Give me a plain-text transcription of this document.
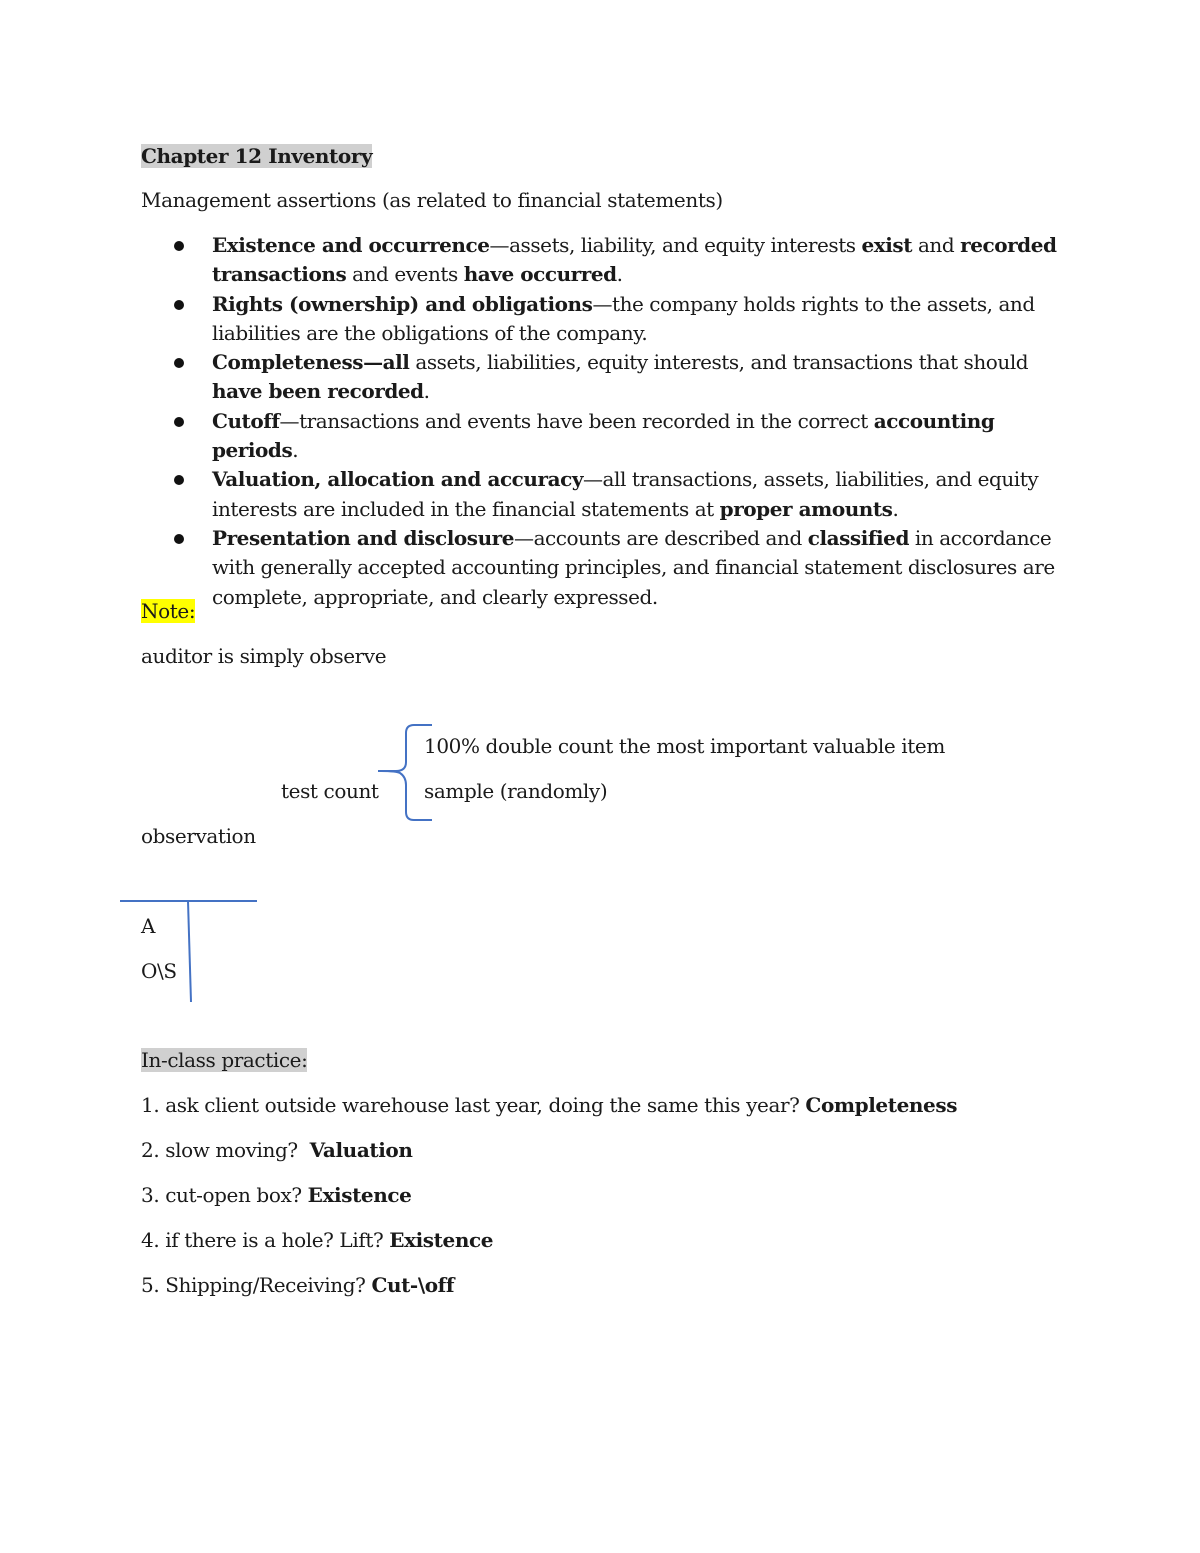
Chapter 12 Inventory
Management assertions (as related to financial statements)
Existence and occurrence—assets, liability, and equity interests exist and recorded transactions and events have occurred.
Rights (ownership) and obligations—the company holds rights to the assets, and liabilities are the obligations of the company.
Completeness—all assets, liabilities, equity interests, and transactions that should have been recorded.
Cutoff—transactions and events have been recorded in the correct accounting periods.
Valuation, allocation and accuracy—all transactions, assets, liabilities, and equity interests are included in the financial statements at proper amounts.
Presentation and disclosure—accounts are described and classified in accordance with generally accepted accounting principles, and financial statement disclosures are complete, appropriate, and clearly expressed.
Note:
auditor is simply observe
100% double count the most important valuable item
test count sample (randomly)
observation
A
O\S
In-class practice:
1. ask client outside warehouse last year, doing the same this year? Completeness
2. slow moving?  Valuation
3. cut-open box? Existence
4. if there is a hole? Lift? Existence
5. Shipping/Receiving? Cut-\off
